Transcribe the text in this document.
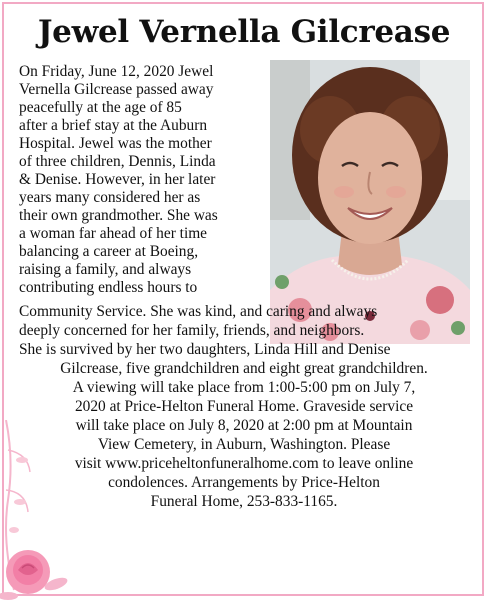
Jewel Vernella Gilcrease
On Friday, June 12, 2020 Jewel
Vernella Gilcrease passed away
peacefully at the age of 85
after a brief stay at the Auburn
Hospital. Jewel was the mother
of three children, Dennis, Linda
& Denise. However, in her later
years many considered her as
their own grandmother. She was
a woman far ahead of her time
balancing a career at Boeing,
raising a family, and always
contributing endless hours to
Community Service. She was kind, and caring and always
deeply concerned for her family, friends, and neighbors.
She is survived by her two daughters, Linda Hill and Denise
Gilcrease, five grandchildren and eight great grandchildren.
A viewing will take place from 1:00-5:00 pm on July 7,
2020 at Price-Helton Funeral Home. Graveside service
will take place on July 8, 2020 at 2:00 pm at Mountain
View Cemetery, in Auburn, Washington. Please
visit www.priceheltonfuneralhome.com to leave online
condolences. Arrangements by Price-Helton
Funeral Home, 253-833-1165.
